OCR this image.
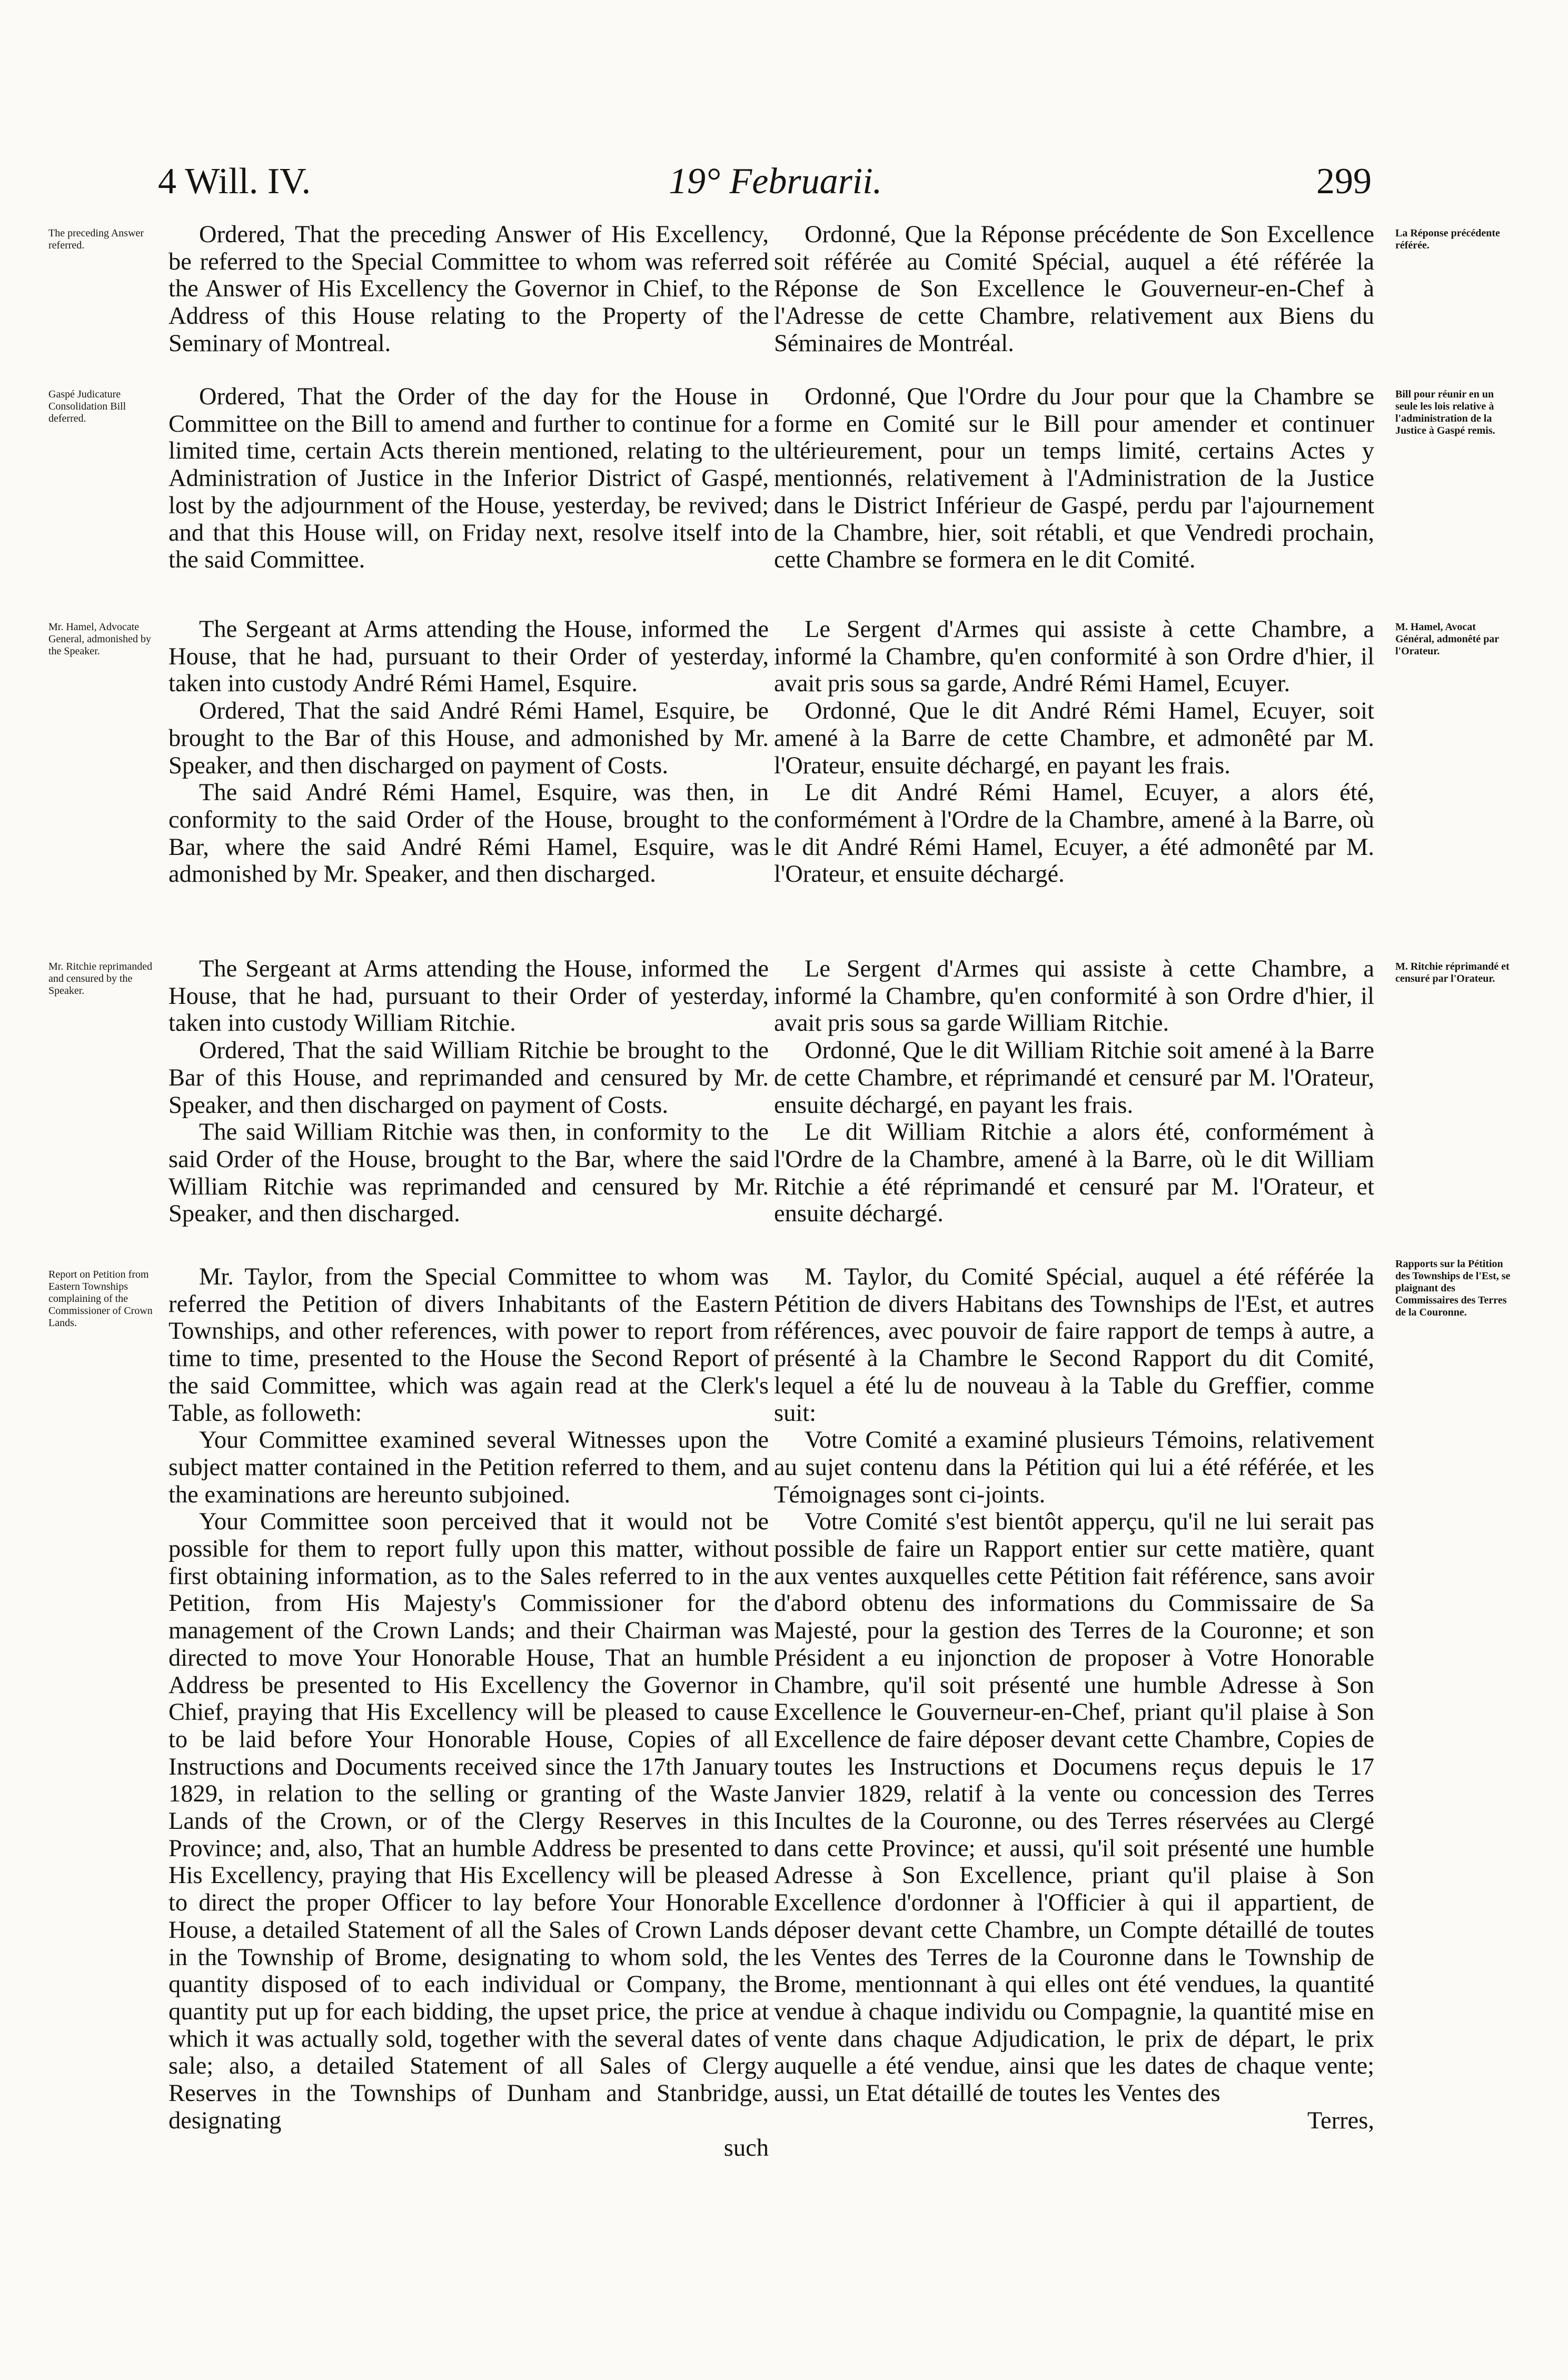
4 Will. IV.	19° Februarii.	299
The preceding Answer referred.
Gaspé Judicature Consolidation Bill deferred.
Mr. Hamel, Advocate General, admonished by the Speaker.
Mr. Ritchie reprimanded and censured by the Speaker.
Report on Petition from Eastern Townships complaining of the Commissioner of Crown Lands.

Ordered, That the preceding Answer of His Excellency, be referred to the Special Committee to whom was referred the Answer of His Excellency the Governor in Chief, to the Address of this House relating to the Property of the Seminary of Montreal.

Ordered, That the Order of the day for the House in Committee on the Bill to amend and further to continue for a limited time, certain Acts therein mentioned, relating to the Administration of Justice in the Inferior District of Gaspé, lost by the adjournment of the House, yesterday, be revived; and that this House will, on Friday next, resolve itself into the said Committee.

The Sergeant at Arms attending the House, informed the House, that he had, pursuant to their Order of yesterday, taken into custody André Rémi Hamel, Esquire.

Ordered, That the said André Rémi Hamel, Esquire, be brought to the Bar of this House, and admonished by Mr. Speaker, and then discharged on payment of Costs.

The said André Rémi Hamel, Esquire, was then, in conformity to the said Order of the House, brought to the Bar, where the said André Rémi Hamel, Esquire, was admonished by Mr. Speaker, and then discharged.

The Sergeant at Arms attending the House, informed the House, that he had, pursuant to their Order of yesterday, taken into custody William Ritchie.

Ordered, That the said William Ritchie be brought to the Bar of this House, and reprimanded and censured by Mr. Speaker, and then discharged on payment of Costs.

The said William Ritchie was then, in conformity to the said Order of the House, brought to the Bar, where the said William Ritchie was reprimanded and censured by Mr. Speaker, and then discharged.

Mr. Taylor, from the Special Committee to whom was referred the Petition of divers Inhabitants of the Eastern Townships, and other references, with power to report from time to time, presented to the House the Second Report of the said Committee, which was again read at the Clerk's Table, as followeth:

Your Committee examined several Witnesses upon the subject matter contained in the Petition referred to them, and the examinations are hereunto subjoined.

Your Committee soon perceived that it would not be possible for them to report fully upon this matter, without first obtaining information, as to the Sales referred to in the Petition, from His Majesty's Commissioner for the management of the Crown Lands; and their Chairman was directed to move Your Honorable House, That an humble Address be presented to His Excellency the Governor in Chief, praying that His Excellency will be pleased to cause to be laid before Your Honorable House, Copies of all Instructions and Documents received since the 17th January 1829, in relation to the selling or granting of the Waste Lands of the Crown, or of the Clergy Reserves in this Province; and, also, That an humble Address be presented to His Excellency, praying that His Excellency will be pleased to direct the proper Officer to lay before Your Honorable House, a detailed Statement of all the Sales of Crown Lands in the Township of Brome, designating to whom sold, the quantity disposed of to each individual or Company, the quantity put up for each bidding, the upset price, the price at which it was actually sold, together with the several dates of sale; also, a detailed Statement of all Sales of Clergy Reserves in the Townships of Dunham and Stanbridge, designating

such

Ordonné, Que la Réponse précédente de Son Excellence soit référée au Comité Spécial, auquel a été référée la Réponse de Son Excellence le Gouverneur-en-Chef à l'Adresse de cette Chambre, relativement aux Biens du Séminaires de Montréal.

Ordonné, Que l'Ordre du Jour pour que la Chambre se forme en Comité sur le Bill pour amender et continuer ultérieurement, pour un temps limité, certains Actes y mentionnés, relativement à l'Administration de la Justice dans le District Inférieur de Gaspé, perdu par l'ajournement de la Chambre, hier, soit rétabli, et que Vendredi prochain, cette Chambre se formera en le dit Comité.

Le Sergent d'Armes qui assiste à cette Chambre, a informé la Chambre, qu'en conformité à son Ordre d'hier, il avait pris sous sa garde, André Rémi Hamel, Ecuyer.

Ordonné, Que le dit André Rémi Hamel, Ecuyer, soit amené à la Barre de cette Chambre, et admonêté par M. l'Orateur, ensuite déchargé, en payant les frais.

Le dit André Rémi Hamel, Ecuyer, a alors été, conformément à l'Ordre de la Chambre, amené à la Barre, où le dit André Rémi Hamel, Ecuyer, a été admonêté par M. l'Orateur, et ensuite déchargé.

Le Sergent d'Armes qui assiste à cette Chambre, a informé la Chambre, qu'en conformité à son Ordre d'hier, il avait pris sous sa garde William Ritchie.

Ordonné, Que le dit William Ritchie soit amené à la Barre de cette Chambre, et réprimandé et censuré par M. l'Orateur, ensuite déchargé, en payant les frais.

Le dit William Ritchie a alors été, conformément à l'Ordre de la Chambre, amené à la Barre, où le dit William Ritchie a été réprimandé et censuré par M. l'Orateur, et ensuite déchargé.

M. Taylor, du Comité Spécial, auquel a été référée la Pétition de divers Habitans des Townships de l'Est, et autres références, avec pouvoir de faire rapport de temps à autre, a présenté à la Chambre le Second Rapport du dit Comité, lequel a été lu de nouveau à la Table du Greffier, comme suit:

Votre Comité a examiné plusieurs Témoins, relativement au sujet contenu dans la Pétition qui lui a été référée, et les Témoignages sont ci-joints.

Votre Comité s'est bientôt apperçu, qu'il ne lui serait pas possible de faire un Rapport entier sur cette matière, quant aux ventes auxquelles cette Pétition fait référence, sans avoir d'abord obtenu des informations du Commissaire de Sa Majesté, pour la gestion des Terres de la Couronne; et son Président a eu injonction de proposer à Votre Honorable Chambre, qu'il soit présenté une humble Adresse à Son Excellence le Gouverneur-en-Chef, priant qu'il plaise à Son Excellence de faire déposer devant cette Chambre, Copies de toutes les Instructions et Documens reçus depuis le 17 Janvier 1829, relatif à la vente ou concession des Terres Incultes de la Couronne, ou des Terres réservées au Clergé dans cette Province; et aussi, qu'il soit présenté une humble Adresse à Son Excellence, priant qu'il plaise à Son Excellence d'ordonner à l'Officier à qui il appartient, de déposer devant cette Chambre, un Compte détaillé de toutes les Ventes des Terres de la Couronne dans le Township de Brome, mentionnant à qui elles ont été vendues, la quantité vendue à chaque individu ou Compagnie, la quantité mise en vente dans chaque Adjudication, le prix de départ, le prix auquelle a été vendue, ainsi que les dates de chaque vente; aussi, un Etat détaillé de toutes les Ventes des

Terres,
La Réponse précédente référée.
Bill pour réunir en un seule les lois relative à l'administration de la Justice à Gaspé remis.
M. Hamel, Avocat Général, admonêté par l'Orateur.
M. Ritchie réprimandé et censuré par l'Orateur.
Rapports sur la Pétition des Townships de l'Est, se plaignant des Commissaires des Terres de la Couronne.
